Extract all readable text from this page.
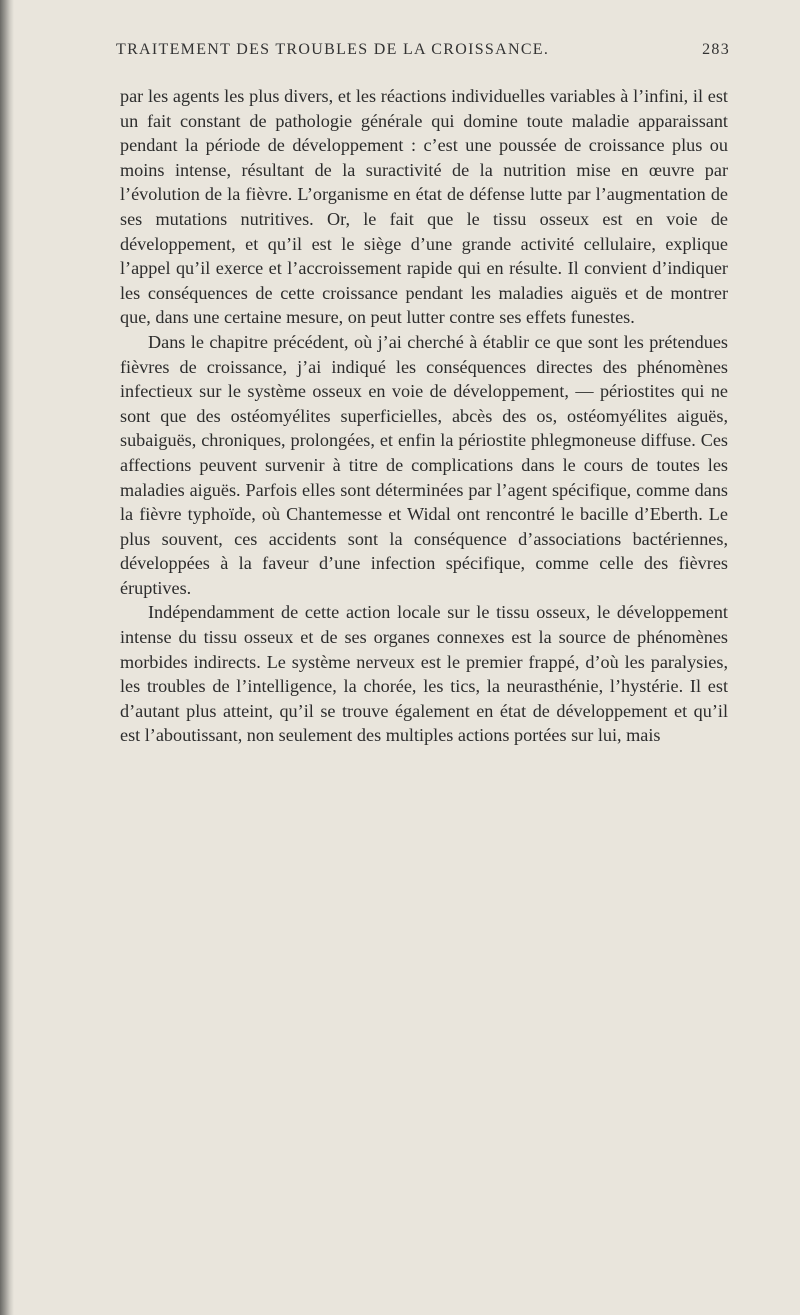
TRAITEMENT DES TROUBLES DE LA CROISSANCE.	283

par les agents les plus divers, et les réactions individuelles variables à l’infini, il est un fait constant de pathologie générale qui domine toute maladie apparaissant pendant la période de développement : c’est une poussée de croissance plus ou moins intense, résultant de la suractivité de la nutrition mise en œuvre par l’évolution de la fièvre. L’organisme en état de défense lutte par l’augmentation de ses mutations nutritives. Or, le fait que le tissu osseux est en voie de développement, et qu’il est le siège d’une grande activité cellulaire, explique l’appel qu’il exerce et l’accroissement rapide qui en résulte. Il convient d’indiquer les conséquences de cette croissance pendant les maladies aiguës et de montrer que, dans une certaine mesure, on peut lutter contre ses effets funestes.

Dans le chapitre précédent, où j’ai cherché à établir ce que sont les prétendues fièvres de croissance, j’ai indiqué les conséquences directes des phénomènes infectieux sur le système osseux en voie de développement, — périostites qui ne sont que des ostéomyélites superficielles, abcès des os, ostéomyélites aiguës, subaiguës, chroniques, prolongées, et enfin la périostite phlegmoneuse diffuse. Ces affections peuvent survenir à titre de complications dans le cours de toutes les maladies aiguës. Parfois elles sont déterminées par l’agent spécifique, comme dans la fièvre typhoïde, où Chantemesse et Widal ont rencontré le bacille d’Eberth. Le plus souvent, ces accidents sont la conséquence d’associations bactériennes, développées à la faveur d’une infection spécifique, comme celle des fièvres éruptives.

Indépendamment de cette action locale sur le tissu osseux, le développement intense du tissu osseux et de ses organes connexes est la source de phénomènes morbides indirects. Le système nerveux est le premier frappé, d’où les paralysies, les troubles de l’intelligence, la chorée, les tics, la neurasthénie, l’hystérie. Il est d’autant plus atteint, qu’il se trouve également en état de développement et qu’il est l’aboutissant, non seulement des multiples actions portées sur lui, mais
